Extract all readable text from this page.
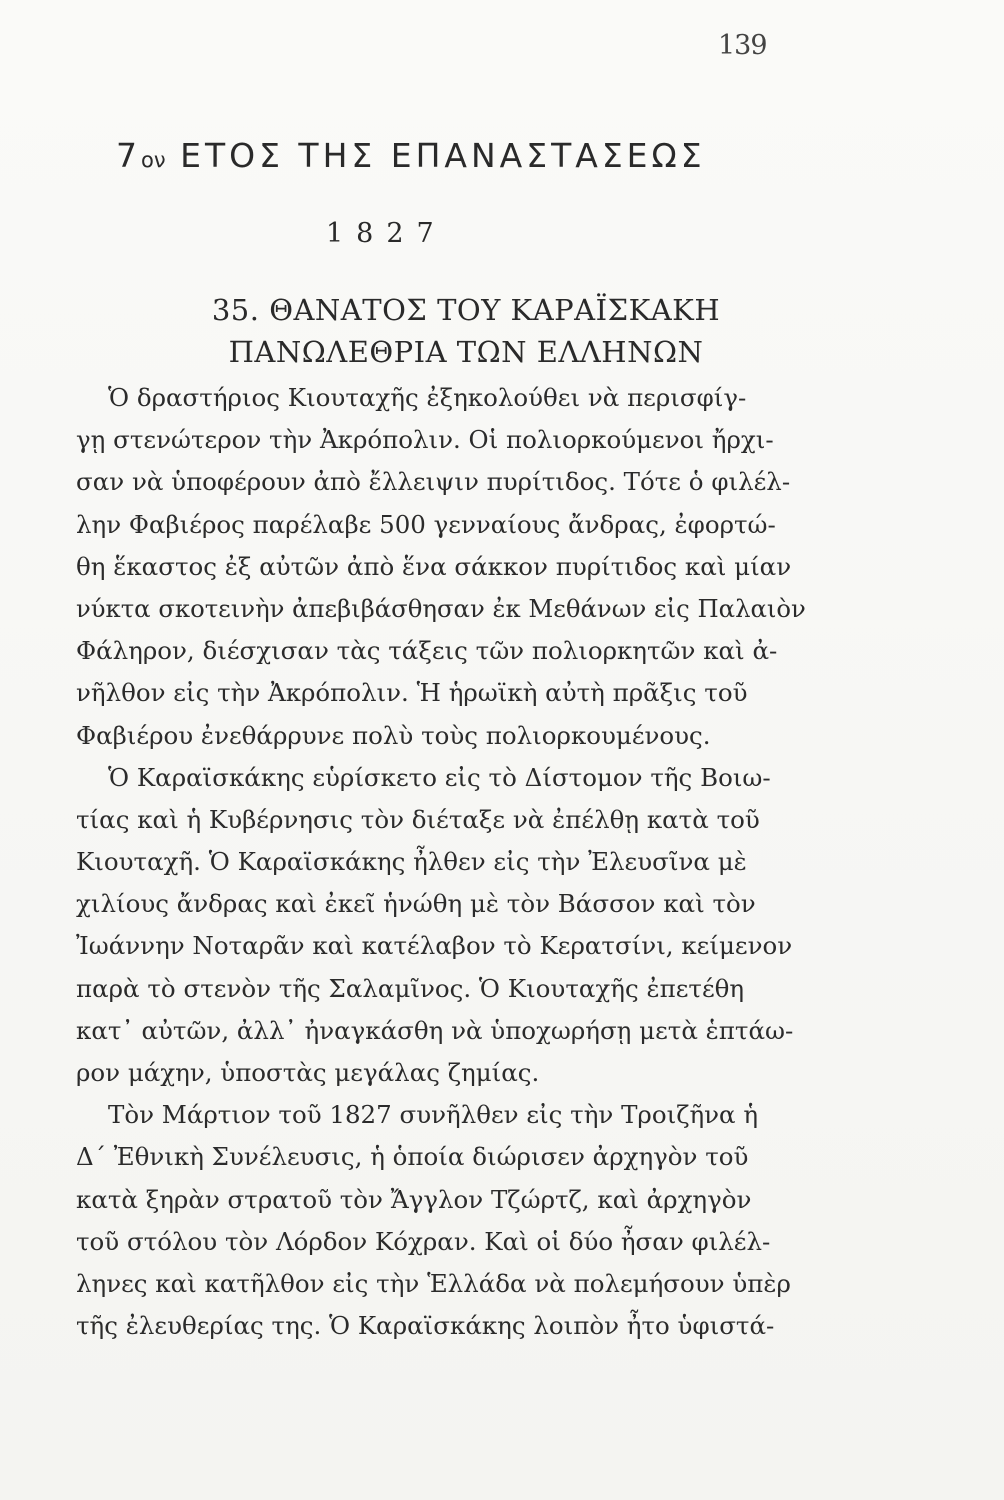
139
7ον ΕΤΟΣ ΤΗΣ ΕΠΑΝΑΣΤΑΣΕΩΣ
1827
35. ΘΑΝΑΤΟΣ ΤΟΥ ΚΑΡΑΪΣΚΑΚΗ
ΠΑΝΩΛΕΘΡΙΑ ΤΩΝ ΕΛΛΗΝΩΝ
Ὁ δραστήριος Κιουταχῆς ἐξηκολούθει νὰ περισφίγ-
γῃ στενώτερον τὴν Ἀκρόπολιν. Οἱ πολιορκούμενοι ἤρχι-
σαν νὰ ὑποφέρουν ἀπὸ ἔλλειψιν πυρίτιδος. Τότε ὁ φιλέλ-
λην Φαβιέρος παρέλαβε 500 γενναίους ἄνδρας, ἐφορτώ-
θη ἕκαστος ἐξ αὐτῶν ἀπὸ ἕνα σάκκον πυρίτιδος καὶ μίαν
νύκτα σκοτεινὴν ἀπεβιβάσθησαν ἐκ Μεθάνων εἰς Παλαιὸν
Φάληρον, διέσχισαν τὰς τάξεις τῶν πολιορκητῶν καὶ ἀ-
νῆλθον εἰς τὴν Ἀκρόπολιν. Ἡ ἡρωϊκὴ αὐτὴ πρᾶξις τοῦ
Φαβιέρου ἐνεθάρρυνε πολὺ τοὺς πολιορκουμένους.
Ὁ Καραϊσκάκης εὑρίσκετο εἰς τὸ Δίστομον τῆς Βοιω-
τίας καὶ ἡ Κυβέρνησις τὸν διέταξε νὰ ἐπέλθῃ κατὰ τοῦ
Κιουταχῆ. Ὁ Καραϊσκάκης ἦλθεν εἰς τὴν Ἐλευσῖνα μὲ
χιλίους ἄνδρας καὶ ἐκεῖ ἡνώθη μὲ τὸν Βάσσον καὶ τὸν
Ἰωάννην Νοταρᾶν καὶ κατέλαβον τὸ Κερατσίνι, κείμενον
παρὰ τὸ στενὸν τῆς Σαλαμῖνος. Ὁ Κιουταχῆς ἐπετέθη
κατ᾽ αὐτῶν, ἀλλ᾽ ἠναγκάσθη νὰ ὑποχωρήσῃ μετὰ ἑπτάω-
ρον μάχην, ὑποστὰς μεγάλας ζημίας.
Τὸν Μάρτιον τοῦ 1827 συνῆλθεν εἰς τὴν Τροιζῆνα ἡ
Δ΄ Ἐθνικὴ Συνέλευσις, ἡ ὁποία διώρισεν ἀρχηγὸν τοῦ
κατὰ ξηρὰν στρατοῦ τὸν Ἄγγλον Τζώρτζ, καὶ ἀρχηγὸν
τοῦ στόλου τὸν Λόρδον Κόχραν. Καὶ οἱ δύο ἦσαν φιλέλ-
ληνες καὶ κατῆλθον εἰς τὴν Ἑλλάδα νὰ πολεμήσουν ὑπὲρ
τῆς ἐλευθερίας της. Ὁ Καραϊσκάκης λοιπὸν ἦτο ὑφιστά-
